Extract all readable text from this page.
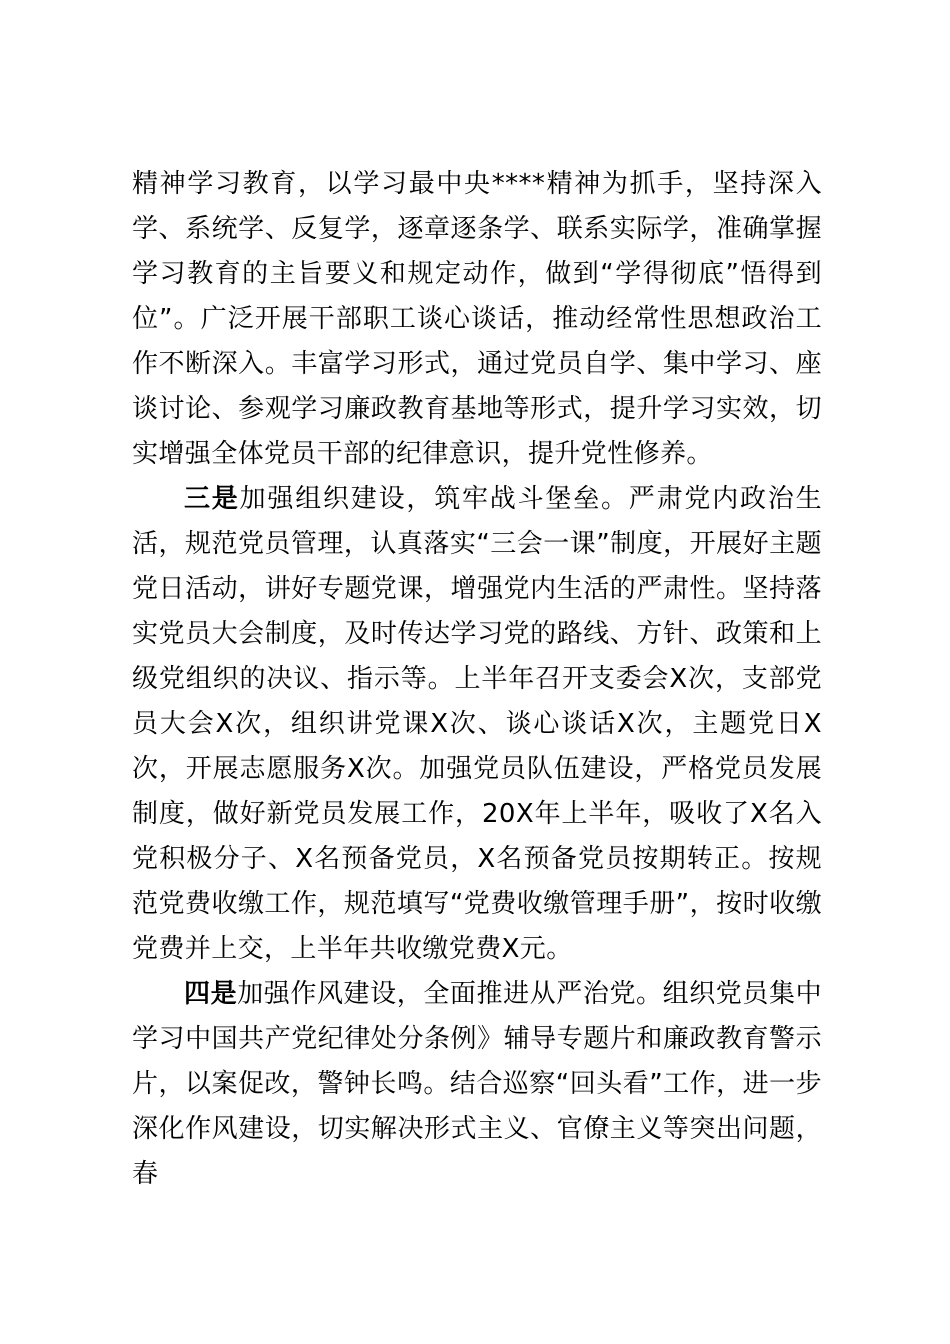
精神学习教育，以学习最中央****精神为抓手，坚持深入学、系统学、反复学，逐章逐条学、联系实际学，准确掌握学习教育的主旨要义和规定动作，做到“学得彻底”悟得到位”。广泛开展干部职工谈心谈话，推动经常性思想政治工作不断深入。丰富学习形式，通过党员自学、集中学习、座谈讨论、参观学习廉政教育基地等形式，提升学习实效，切实增强全体党员干部的纪律意识，提升党性修养。

三是加强组织建设，筑牢战斗堡垒。严肃党内政治生活，规范党员管理，认真落实“三会一课”制度，开展好主题党日活动，讲好专题党课，增强党内生活的严肃性。坚持落实党员大会制度，及时传达学习党的路线、方针、政策和上级党组织的决议、指示等。上半年召开支委会X次，支部党员大会X次，组织讲党课X次、谈心谈话X次，主题党日X次，开展志愿服务X次。加强党员队伍建设，严格党员发展制度，做好新党员发展工作，20X年上半年，吸收了X名入党积极分子、X名预备党员，X名预备党员按期转正。按规范党费收缴工作，规范填写“党费收缴管理手册”，按时收缴党费并上交，上半年共收缴党费X元。

四是加强作风建设，全面推进从严治党。组织党员集中学习中国共产党纪律处分条例》辅导专题片和廉政教育警示片，以案促改，警钟长鸣。结合巡察“回头看”工作，进一步深化作风建设，切实解决形式主义、官僚主义等突出问题，春
